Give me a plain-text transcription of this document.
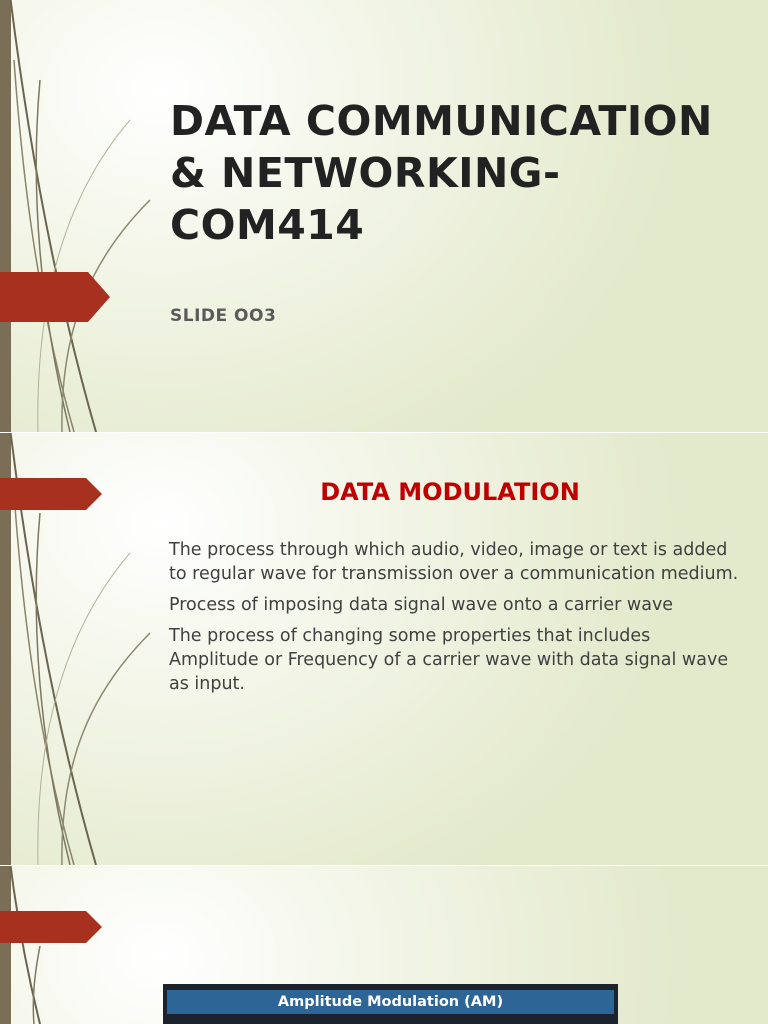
DATA COMMUNICATION & NETWORKING-COM414

SLIDE OO3

DATA MODULATION
The process through which audio, video, image or text is added to regular wave for transmission over a communication medium.
Process of imposing data signal wave onto a carrier wave
The process of changing some properties that includes Amplitude or Frequency of a carrier wave with data signal wave as input.
Amplitude Modulation (AM)
